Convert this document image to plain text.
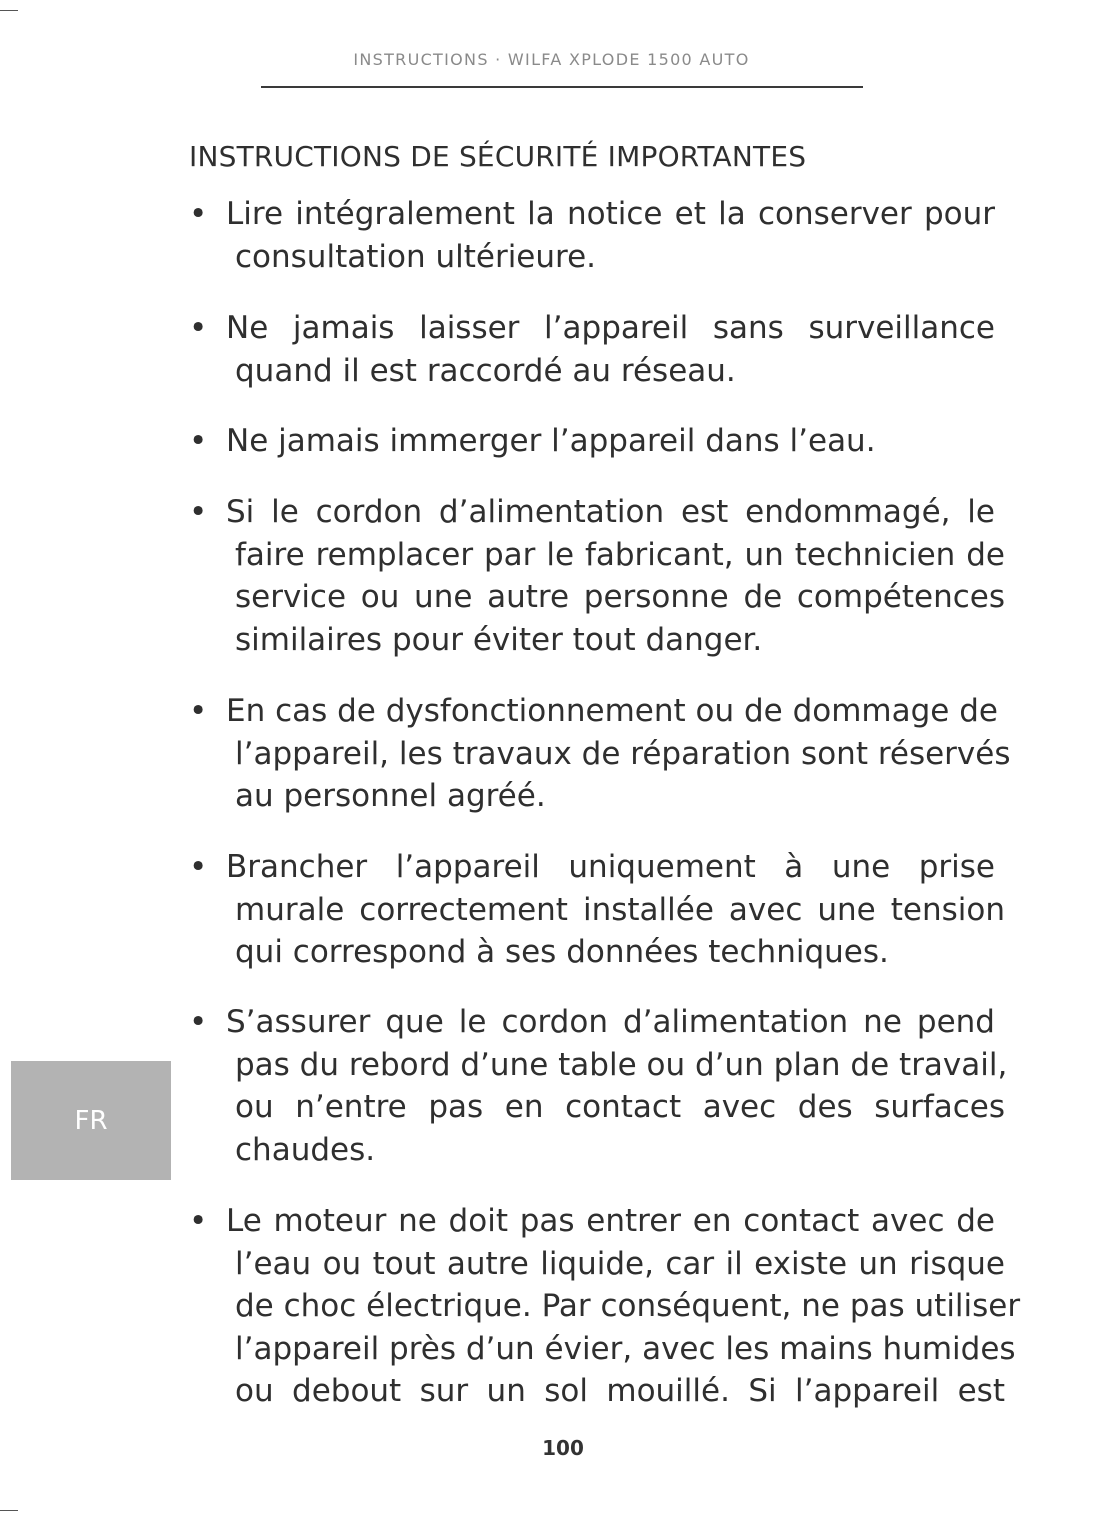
INSTRUCTIONS · WILFA XPLODE 1500 AUTO
INSTRUCTIONS DE SÉCURITÉ IMPORTANTES
• Lire intégralement la notice et la conserver pour
consultation ultérieure.
• Ne jamais laisser l’appareil sans surveillance
quand il est raccordé au réseau.
• Ne jamais immerger l’appareil dans l’eau.
• Si le cordon d’alimentation est endommagé, le
faire remplacer par le fabricant, un technicien de
service ou une autre personne de compétences
similaires pour éviter tout danger.
• En cas de dysfonctionnement ou de dommage de
l’appareil, les travaux de réparation sont réservés
au personnel agréé.
• Brancher l’appareil uniquement à une prise
murale correctement installée avec une tension
qui correspond à ses données techniques.
• S’assurer que le cordon d’alimentation ne pend
pas du rebord d’une table ou d’un plan de travail,
ou n’entre pas en contact avec des surfaces
chaudes.
• Le moteur ne doit pas entrer en contact avec de
l’eau ou tout autre liquide, car il existe un risque
de choc électrique. Par conséquent, ne pas utiliser
l’appareil près d’un évier, avec les mains humides
ou debout sur un sol mouillé. Si l’appareil est
FR
100
